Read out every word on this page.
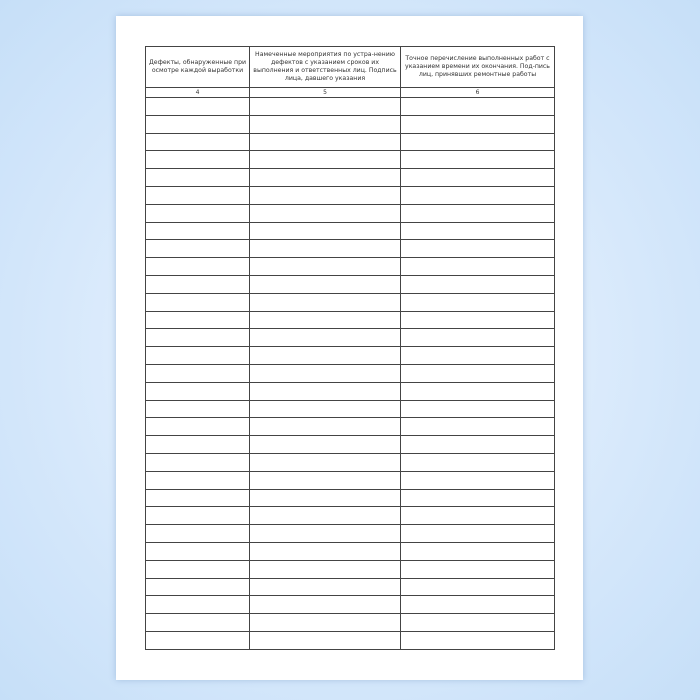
Дефекты, обнаруженные при осмотре каждой выработки	Намеченные мероприятия по устра-нению дефектов с указанием сроков их выполнения и ответственных лиц. Подпись лица, давшего указания	Точное перечисление выполненных работ с указанием времени их окончания. Под-пись лиц, принявших ремонтные работы
4	5	6
